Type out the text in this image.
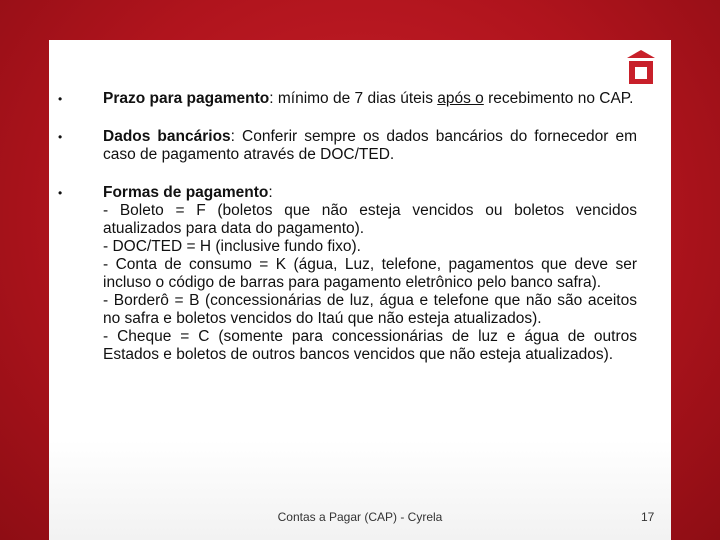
•	Prazo para pagamento: mínimo de 7 dias úteis após o recebimento no CAP.
•	Dados bancários: Conferir sempre os dados bancários do fornecedor em caso de pagamento através de DOC/TED.
•	Formas de pagamento:
- Boleto = F (boletos que não esteja vencidos ou boletos vencidos atualizados para data do pagamento).
- DOC/TED = H (inclusive fundo fixo).
- Conta de consumo = K (água, Luz, telefone, pagamentos que deve ser incluso o código de barras para pagamento eletrônico pelo banco safra).
- Borderô = B (concessionárias de luz, água e telefone que não são aceitos no safra e boletos vencidos do Itaú que não esteja atualizados).
- Cheque = C (somente para concessionárias de luz e água de outros Estados e boletos de outros bancos vencidos que não esteja atualizados).
Contas a Pagar (CAP) - Cyrela	17
